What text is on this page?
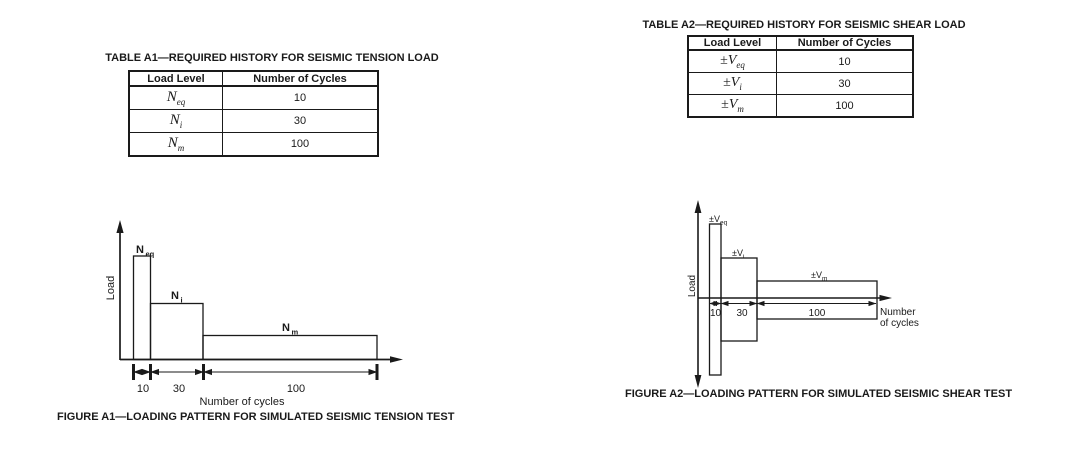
TABLE A1—REQUIRED HISTORY FOR SEISMIC TENSION LOAD
Load Level	Number of Cycles
$N_{eq}$	10
$N_i$	30
$N_m$	100
TABLE A2—REQUIRED HISTORY FOR SEISMIC SHEAR LOAD
Load Level	Number of Cycles
$\pm V_{eq}$	10
$\pm V_i$	30
$\pm V_m$	100
N $_{eq}$
N $_i$
N $_m$
Load
10 30	100
Number of cycles
FIGURE A1—LOADING PATTERN FOR SIMULATED SEISMIC TENSION TEST
$\pm V_{eq}$
$\pm V_i$
$\pm V_m$
Load
10 30	100	Number
of cycles
FIGURE A2—LOADING PATTERN FOR SIMULATED SEISMIC SHEAR TEST
